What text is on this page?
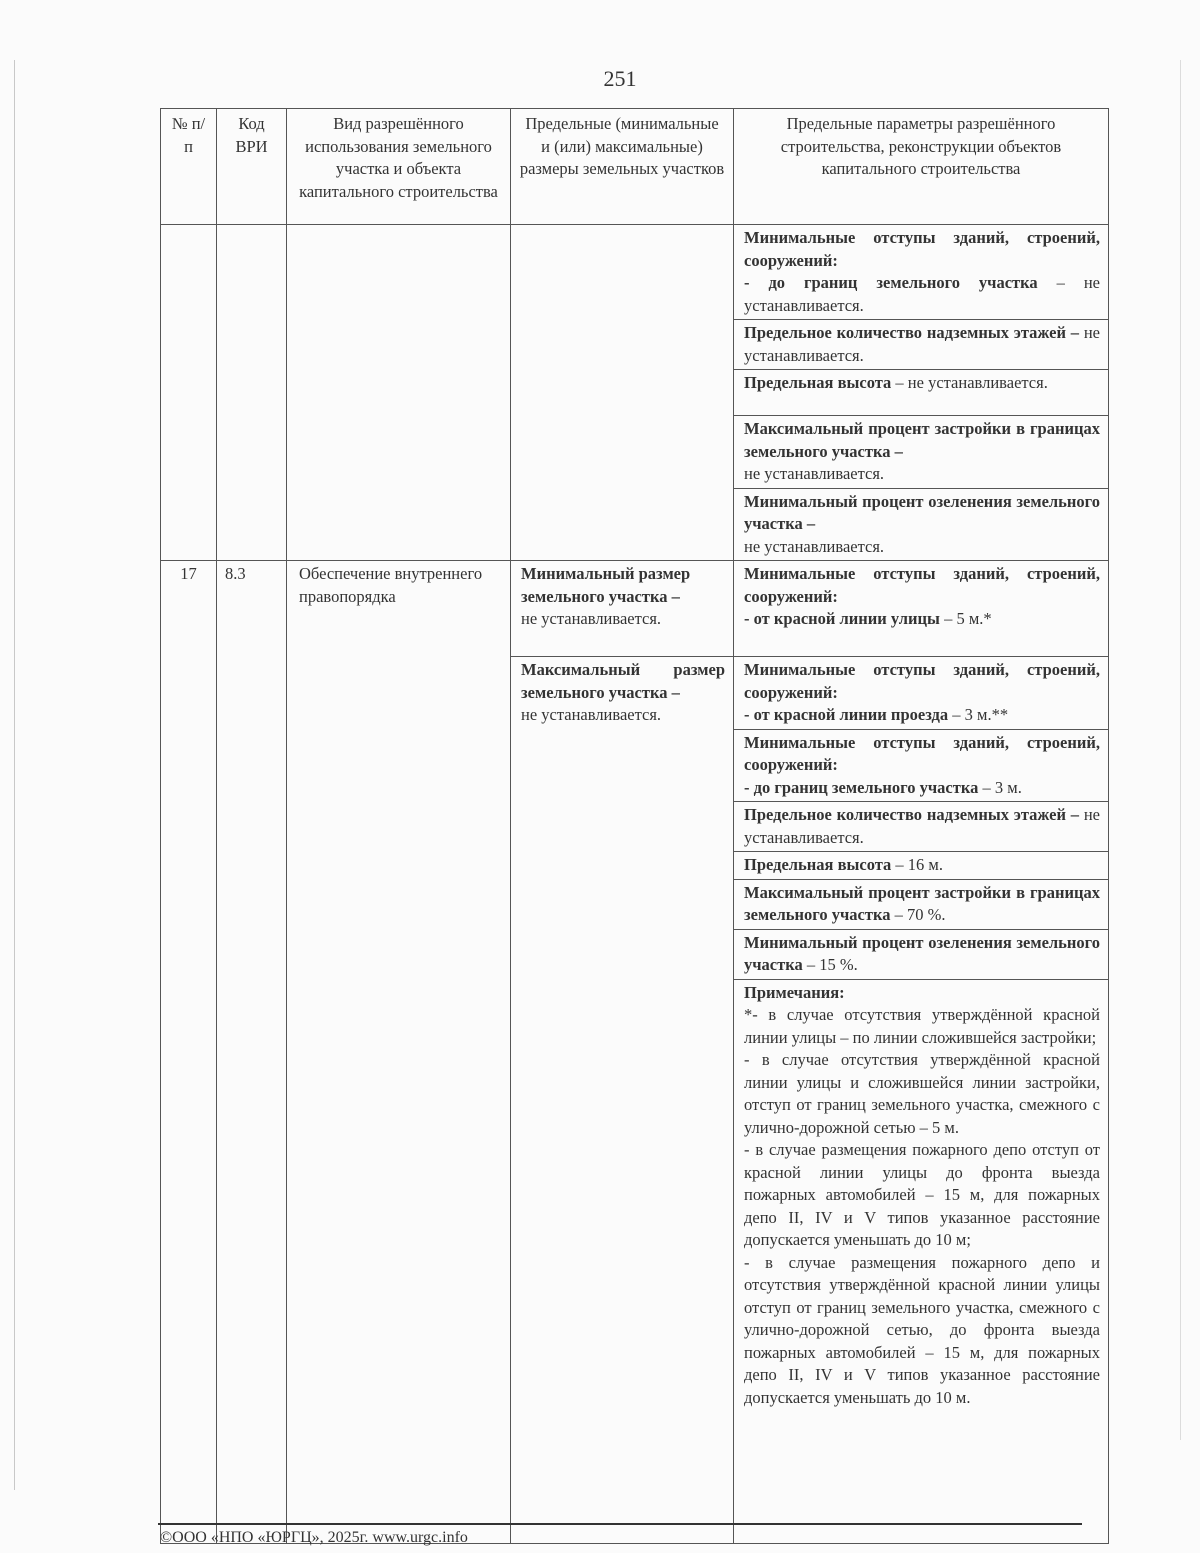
251
№ п/п	Код ВРИ	Вид разрешённого использования земельного участка и объекта капитального строительства	Предельные (минимальные и (или) максимальные) размеры земельных участков	Предельные параметры разрешённого строительства, реконструкции объектов капитального строительства
				Минимальные отступы зданий, строений, сооружений:
- до границ земельного участка – не устанавливается.
				Предельное количество надземных этажей – не устанавливается.
				Предельная высота – не устанавливается.
				Максимальный процент застройки в границах земельного участка –
не устанавливается.
				Минимальный процент озеленения земельного участка –
не устанавливается.
17	8.3	Обеспечение внутреннего правопорядка	Минимальный размер земельного участка –
не устанавливается.	Минимальные отступы зданий, строений, сооружений:
- от красной линии улицы – 5 м.*
			Максимальный размер земельного участка –
не устанавливается.	Минимальные отступы зданий, строений, сооружений:
- от красной линии проезда – 3 м.**
				Минимальные отступы зданий, строений, сооружений:
- до границ земельного участка – 3 м.
				Предельное количество надземных этажей – не устанавливается.
				Предельная высота – 16 м.
				Максимальный процент застройки в границах земельного участка – 70 %.
				Минимальный процент озеленения земельного участка – 15 %.

				Примечания:
*- в случае отсутствия утверждённой красной линии улицы – по линии сложившейся застройки;
- в случае отсутствия утверждённой красной линии улицы и сложившейся линии застройки, отступ от границ земельного участка, смежного с улично-дорожной сетью – 5 м.
- в случае размещения пожарного депо отступ от красной линии улицы до фронта выезда пожарных автомобилей – 15 м, для пожарных депо II, IV и V типов указанное расстояние допускается уменьшать до 10 м;
- в случае размещения пожарного депо и отсутствия утверждённой красной линии улицы отступ от границ земельного участка, смежного с улично-дорожной сетью, до фронта выезда пожарных автомобилей – 15 м, для пожарных депо II, IV и V типов указанное расстояние допускается уменьшать до 10 м.
©ООО «НПО «ЮРГЦ», 2025г. www.urgc.info
